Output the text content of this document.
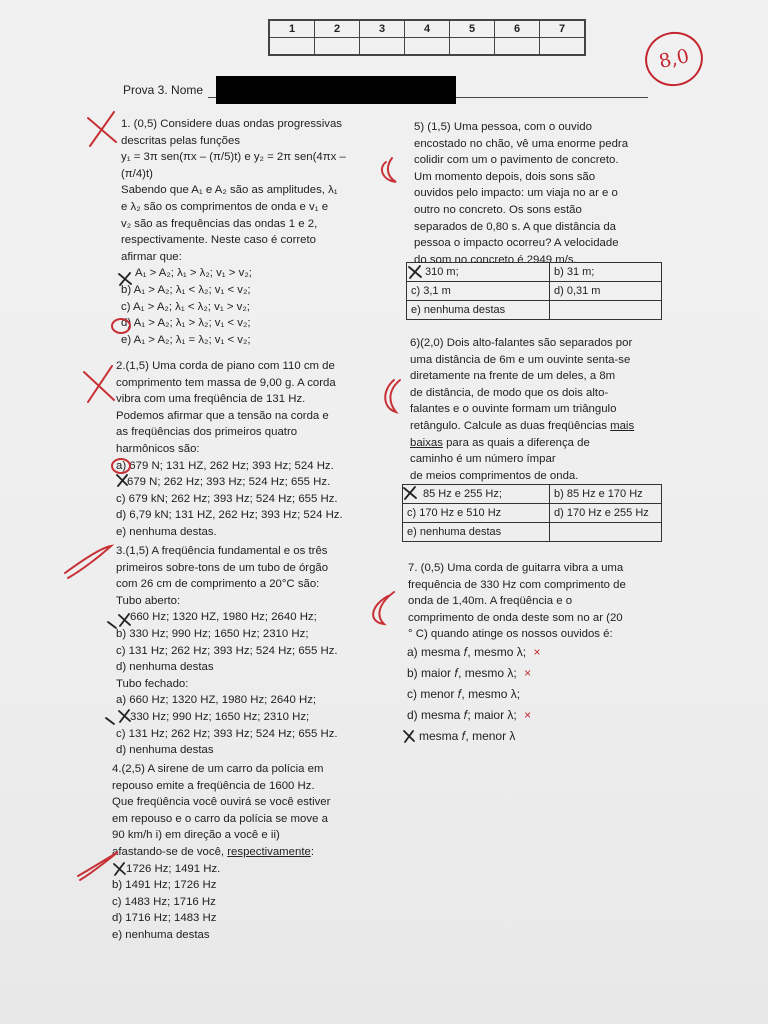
1	2	3	4	5	6	7

Prova 3. Nome
1. (0,5) Considere duas ondas progressivas
descritas pelas funções
y₁ = 3π sen(πx – (π/5)t) e y₂ = 2π sen(4πx –
(π/4)t)
Sabendo que A₁ e A₂ são as amplitudes, λ₁
e λ₂ são os comprimentos de onda e v₁ e
v₂ são as frequências das ondas 1 e 2,
respectivamente. Neste caso é correto
afirmar que:
A₁ > A₂; λ₁ > λ₂; v₁ > v₂;
b) A₁ > A₂; λ₁ < λ₂; v₁ < v₂;
c) A₁ > A₂; λ₁ < λ₂; v₁ > v₂;
d) A₁ > A₂; λ₁ > λ₂; v₁ < v₂;
e) A₁ > A₂; λ₁ = λ₂; v₁ < v₂;
2.(1,5) Uma corda de piano com 110 cm de
comprimento tem massa de 9,00 g. A corda
vibra com uma freqüência de 131 Hz.
Podemos afirmar que a tensão na corda e
as freqüências dos primeiros quatro
harmônicos são:
a) 679 N; 131 HZ, 262 Hz; 393 Hz; 524 Hz.
679 N; 262 Hz; 393 Hz; 524 Hz; 655 Hz.
c) 679 kN; 262 Hz; 393 Hz; 524 Hz; 655 Hz.
d) 6,79 kN; 131 HZ, 262 Hz; 393 Hz; 524 Hz.
e) nenhuma destas.
3.(1,5) A freqüência fundamental e os três
primeiros sobre-tons de um tubo de órgão
com 26 cm de comprimento a 20°C são:
Tubo aberto:
660 Hz; 1320 HZ, 1980 Hz; 2640 Hz;
b) 330 Hz; 990 Hz; 1650 Hz; 2310 Hz;
c) 131 Hz; 262 Hz; 393 Hz; 524 Hz; 655 Hz.
d) nenhuma destas
Tubo fechado:
a) 660 Hz; 1320 HZ, 1980 Hz; 2640 Hz;
330 Hz; 990 Hz; 1650 Hz; 2310 Hz;
c) 131 Hz; 262 Hz; 393 Hz; 524 Hz; 655 Hz.
d) nenhuma destas
4.(2,5) A sirene de um carro da polícia em
repouso emite a freqüência de 1600 Hz.
Que freqüência você ouvirá se você estiver
em repouso e o carro da polícia se move a
90 km/h i) em direção a você e ii)
afastando-se de você, respectivamente:
1726 Hz; 1491 Hz.
b) 1491 Hz; 1726 Hz
c) 1483 Hz; 1716 Hz
d) 1716 Hz; 1483 Hz
e) nenhuma destas
5) (1,5) Uma pessoa, com o ouvido
encostado no chão, vê uma enorme pedra
colidir com um o pavimento de concreto.
Um momento depois, dois sons são
ouvidos pelo impacto: um viaja no ar e o
outro no concreto. Os sons estão
separados de 0,80 s. A que distância da
pessoa o impacto ocorreu? A velocidade
do som no concreto é 2949 m/s.
310 m;	b) 31 m;
c) 3,1 m	d) 0,31 m
e) nenhuma destas	
6)(2,0) Dois alto-falantes são separados por
uma distância de 6m e um ouvinte senta-se
diretamente na frente de um deles, a 8m
de distância, de modo que os dois alto-
falantes e o ouvinte formam um triângulo
retângulo. Calcule as duas freqüências mais
baixas para as quais a diferença de
caminho é um número ímpar
de meios comprimentos de onda.
85 Hz e 255 Hz;	b) 85 Hz e 170 Hz
c) 170 Hz e 510 Hz	d) 170 Hz e 255 Hz
e) nenhuma destas	
7. (0,5) Uma corda de guitarra vibra a uma
frequência de 330 Hz com comprimento de
onda de 1,40m. A freqüência e o
comprimento de onda deste som no ar (20
° C) quando atinge os nossos ouvidos é:
a) mesma 𝑓, mesmo λ; ×
b) maior 𝑓, mesmo λ; ×
c) menor 𝑓, mesmo λ;
d) mesma 𝑓; maior λ; ×
mesma 𝑓, menor λ
8,0
